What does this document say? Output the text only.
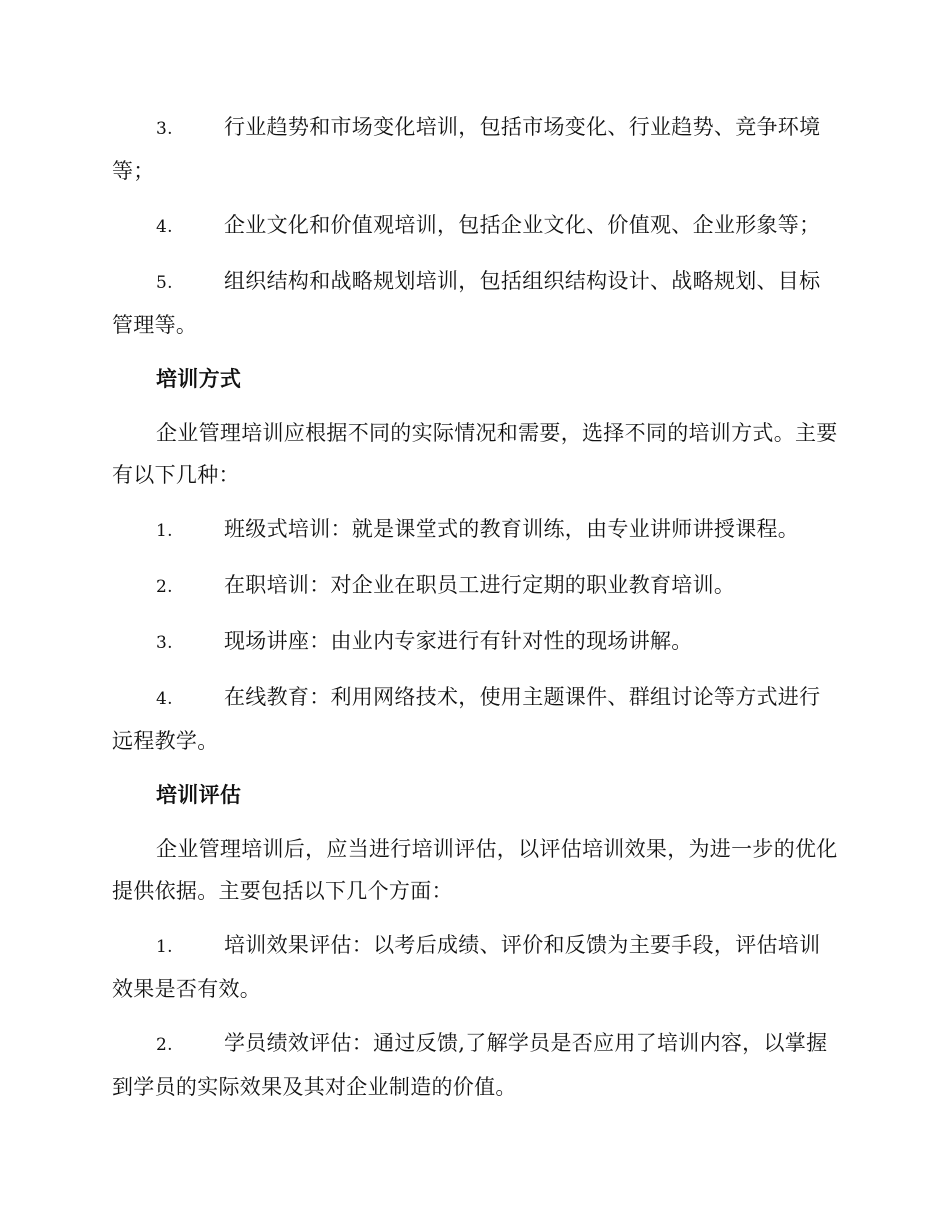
3. 行业趋势和市场变化培训，包括市场变化、行业趋势、竞争环境等；
4. 企业文化和价值观培训，包括企业文化、价值观、企业形象等；
5. 组织结构和战略规划培训，包括组织结构设计、战略规划、目标管理等。
培训方式
企业管理培训应根据不同的实际情况和需要，选择不同的培训方式。主要有以下几种：
1. 班级式培训：就是课堂式的教育训练，由专业讲师讲授课程。
2. 在职培训：对企业在职员工进行定期的职业教育培训。
3. 现场讲座：由业内专家进行有针对性的现场讲解。
4. 在线教育：利用网络技术，使用主题课件、群组讨论等方式进行远程教学。
培训评估
企业管理培训后，应当进行培训评估，以评估培训效果，为进一步的优化提供依据。主要包括以下几个方面：
1. 培训效果评估：以考后成绩、评价和反馈为主要手段，评估培训效果是否有效。
2. 学员绩效评估：通过反馈,了解学员是否应用了培训内容，以掌握到学员的实际效果及其对企业制造的价值。
